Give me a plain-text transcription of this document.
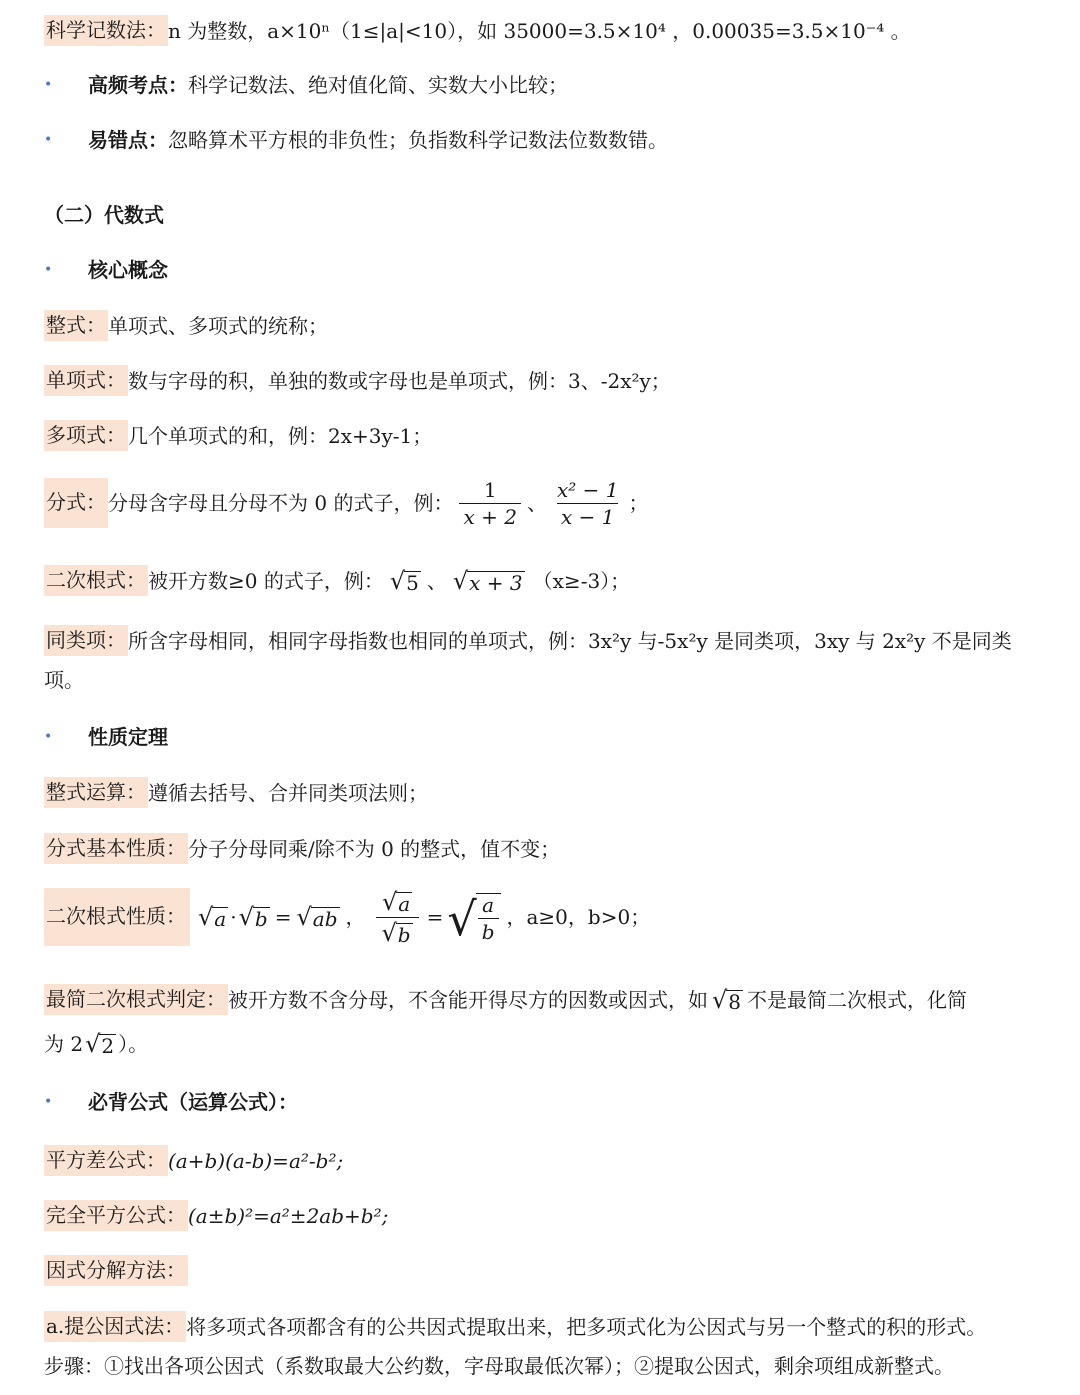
科学记数法： n 为整数，a×10ⁿ（1≤|a|<10），如 35000=3.5×10⁴ ，0.00035=3.5×10⁻⁴ 。
• 高频考点： 科学记数法、绝对值化简、实数大小比较；
• 易错点： 忽略算术平方根的非负性；负指数科学记数法位数数错。
（二）代数式
• 核心概念
整式： 单项式、多项式的统称；
单项式： 数与字母的积，单独的数或字母也是单项式，例：3、-2x²y；
多项式： 几个单项式的和，例：2x+3y-1；
分式： 分母含字母且分母不为 0 的式子，例： $\frac{1}{x + 2}$ 、 $\frac{\text{x² − 1}}{x - 1}$ ；
二次根式： 被开方数≥0 的式子，例： √ 5 、 √ x + 3 （x≥-3）；
同类项： 所含字母相同，相同字母指数也相同的单项式，例：3x²y 与-5x²y 是同类项，3xy 与 2x²y 不是同类
项。
• 性质定理
整式运算： 遵循去括号、合并同类项法则；
分式基本性质： 分子分母同乘/除不为 0 的整式，值不变；
二次根式性质： √ a · √ b = √ ab ， $\frac{√ a}{√ b}$ = √ $\frac{a}{b}$ ，a≥0，b>0；
最简二次根式判定： 被开方数不含分母，不含能开得尽方的因数或因式，如 √ 8 不是最简二次根式，化简
为 2 √ 2 ）。
• 必背公式（运算公式）：
平方差公式： (a+b)(a-b)=a²-b²;
完全平方公式： (a±b)²=a²±2ab+b²;
因式分解方法：
a.提公因式法： 将多项式各项都含有的公共因式提取出来，把多项式化为公因式与另一个整式的积的形式。
步骤：①找出各项公因式（系数取最大公约数，字母取最低次幂）；②提取公因式，剩余项组成新整式。
